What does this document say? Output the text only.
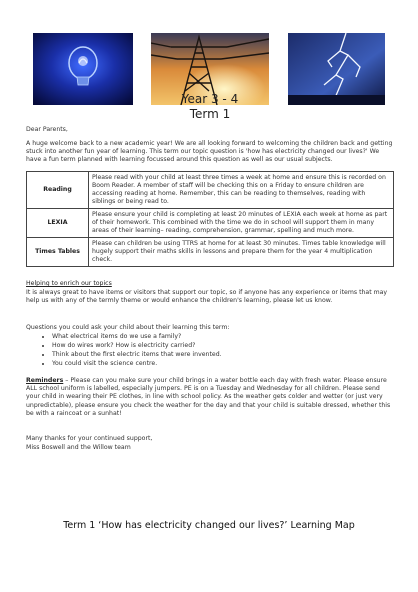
Year 3 - 4
Term 1
Dear Parents,
A huge welcome back to a new academic year! We are all looking forward to welcoming the children back and getting stuck into another fun year of learning. This term our topic question is 'how has electricity changed our lives?' We have a fun term planned with learning focussed around this question as well as our usual subjects.
Reading	Please read with your child at least three times a week at home and ensure this is recorded on Boom Reader. A member of staff will be checking this on a Friday to ensure children are accessing reading at home. Remember, this can be reading to themselves, reading with siblings or being read to.
LEXIA	Please ensure your child is completing at least 20 minutes of LEXIA each week at home as part of their homework. This combined with the time we do in school will support them in many areas of their learning– reading, comprehension, grammar, spelling and much more.
Times Tables	Please can children be using TTRS at home for at least 30 minutes. Times table knowledge will hugely support their maths skills in lessons and prepare them for the year 4 multiplication check.
Helping to enrich our topics
It is always great to have items or visitors that support our topic, so if anyone has any experience or items that may help us with any of the termly theme or would enhance the children's learning, please let us know.
Questions you could ask your child about their learning this term:
• What electrical items do we use a family?
• How do wires work? How is electricity carried?
• Think about the first electric items that were invented.
• You could visit the science centre.
Reminders – Please can you make sure your child brings in a water bottle each day with fresh water. Please ensure ALL school uniform is labelled, especially jumpers. PE is on a Tuesday and Wednesday for all children. Please send your child in wearing their PE clothes, in line with school policy. As the weather gets colder and wetter (or just very unpredictable), please ensure you check the weather for the day and that your child is suitable dressed, whether this be with a raincoat or a sunhat!
Many thanks for your continued support,
Miss Boswell and the Willow team
Term 1 ‘How has electricity changed our lives?’ Learning Map
